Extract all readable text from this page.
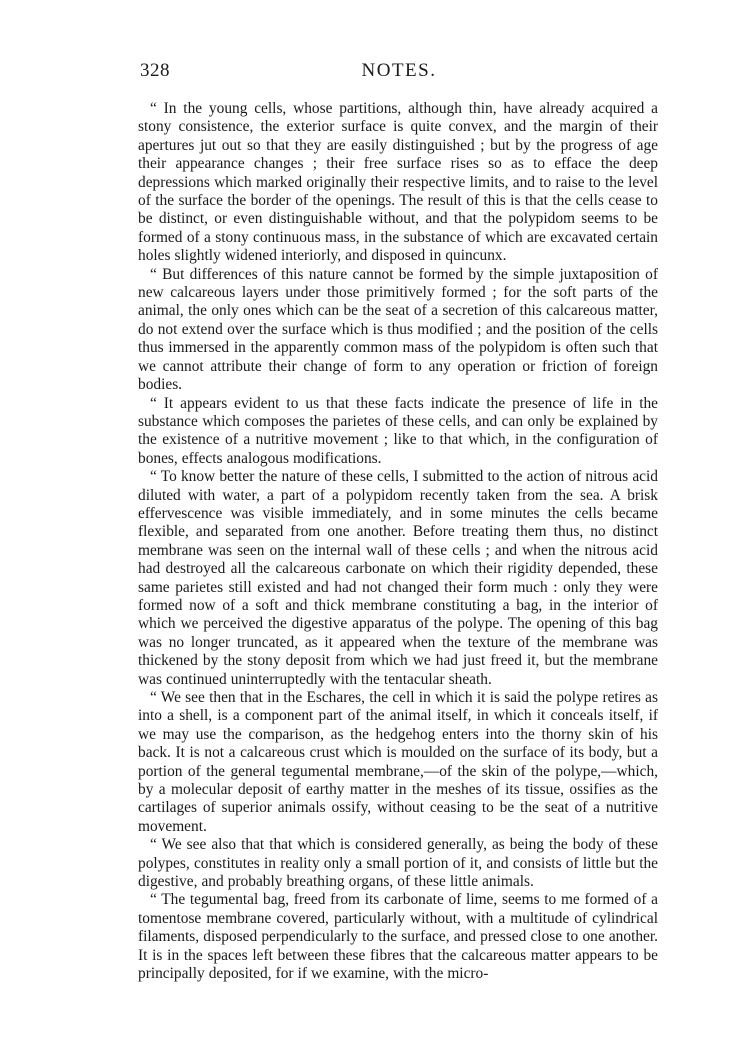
328	NOTES.

“ In the young cells, whose partitions, although thin, have already acquired a stony consistence, the exterior surface is quite convex, and the margin of their apertures jut out so that they are easily distinguished ; but by the progress of age their appearance changes ; their free surface rises so as to efface the deep depressions which marked originally their respective limits, and to raise to the level of the surface the border of the openings. The result of this is that the cells cease to be distinct, or even distinguishable without, and that the polypidom seems to be formed of a stony continuous mass, in the substance of which are excavated certain holes slightly widened interiorly, and disposed in quincunx.

“ But differences of this nature cannot be formed by the simple juxtaposition of new calcareous layers under those primitively formed ; for the soft parts of the animal, the only ones which can be the seat of a secretion of this calcareous matter, do not extend over the surface which is thus modified ; and the position of the cells thus immersed in the apparently common mass of the polypidom is often such that we cannot attribute their change of form to any operation or friction of foreign bodies.

“ It appears evident to us that these facts indicate the presence of life in the substance which composes the parietes of these cells, and can only be explained by the existence of a nutritive movement ; like to that which, in the configuration of bones, effects analogous modifications.

“ To know better the nature of these cells, I submitted to the action of nitrous acid diluted with water, a part of a polypidom recently taken from the sea. A brisk effervescence was visible immediately, and in some minutes the cells became flexible, and separated from one another. Before treating them thus, no distinct membrane was seen on the internal wall of these cells ; and when the nitrous acid had destroyed all the calcareous carbonate on which their rigidity depended, these same parietes still existed and had not changed their form much : only they were formed now of a soft and thick membrane constituting a bag, in the interior of which we perceived the digestive apparatus of the polype. The opening of this bag was no longer truncated, as it appeared when the texture of the membrane was thickened by the stony deposit from which we had just freed it, but the membrane was continued uninterruptedly with the tentacular sheath.

“ We see then that in the Eschares, the cell in which it is said the polype retires as into a shell, is a component part of the animal itself, in which it conceals itself, if we may use the comparison, as the hedgehog enters into the thorny skin of his back. It is not a calcareous crust which is moulded on the surface of its body, but a portion of the general tegumental membrane,—of the skin of the polype,—which, by a molecular deposit of earthy matter in the meshes of its tissue, ossifies as the cartilages of superior animals ossify, without ceasing to be the seat of a nutritive movement.

“ We see also that that which is considered generally, as being the body of these polypes, constitutes in reality only a small portion of it, and consists of little but the digestive, and probably breathing organs, of these little animals.

“ The tegumental bag, freed from its carbonate of lime, seems to me formed of a tomentose membrane covered, particularly without, with a multitude of cylindrical filaments, disposed perpendicularly to the surface, and pressed close to one another. It is in the spaces left between these fibres that the calcareous matter appears to be principally deposited, for if we examine, with the micro-
